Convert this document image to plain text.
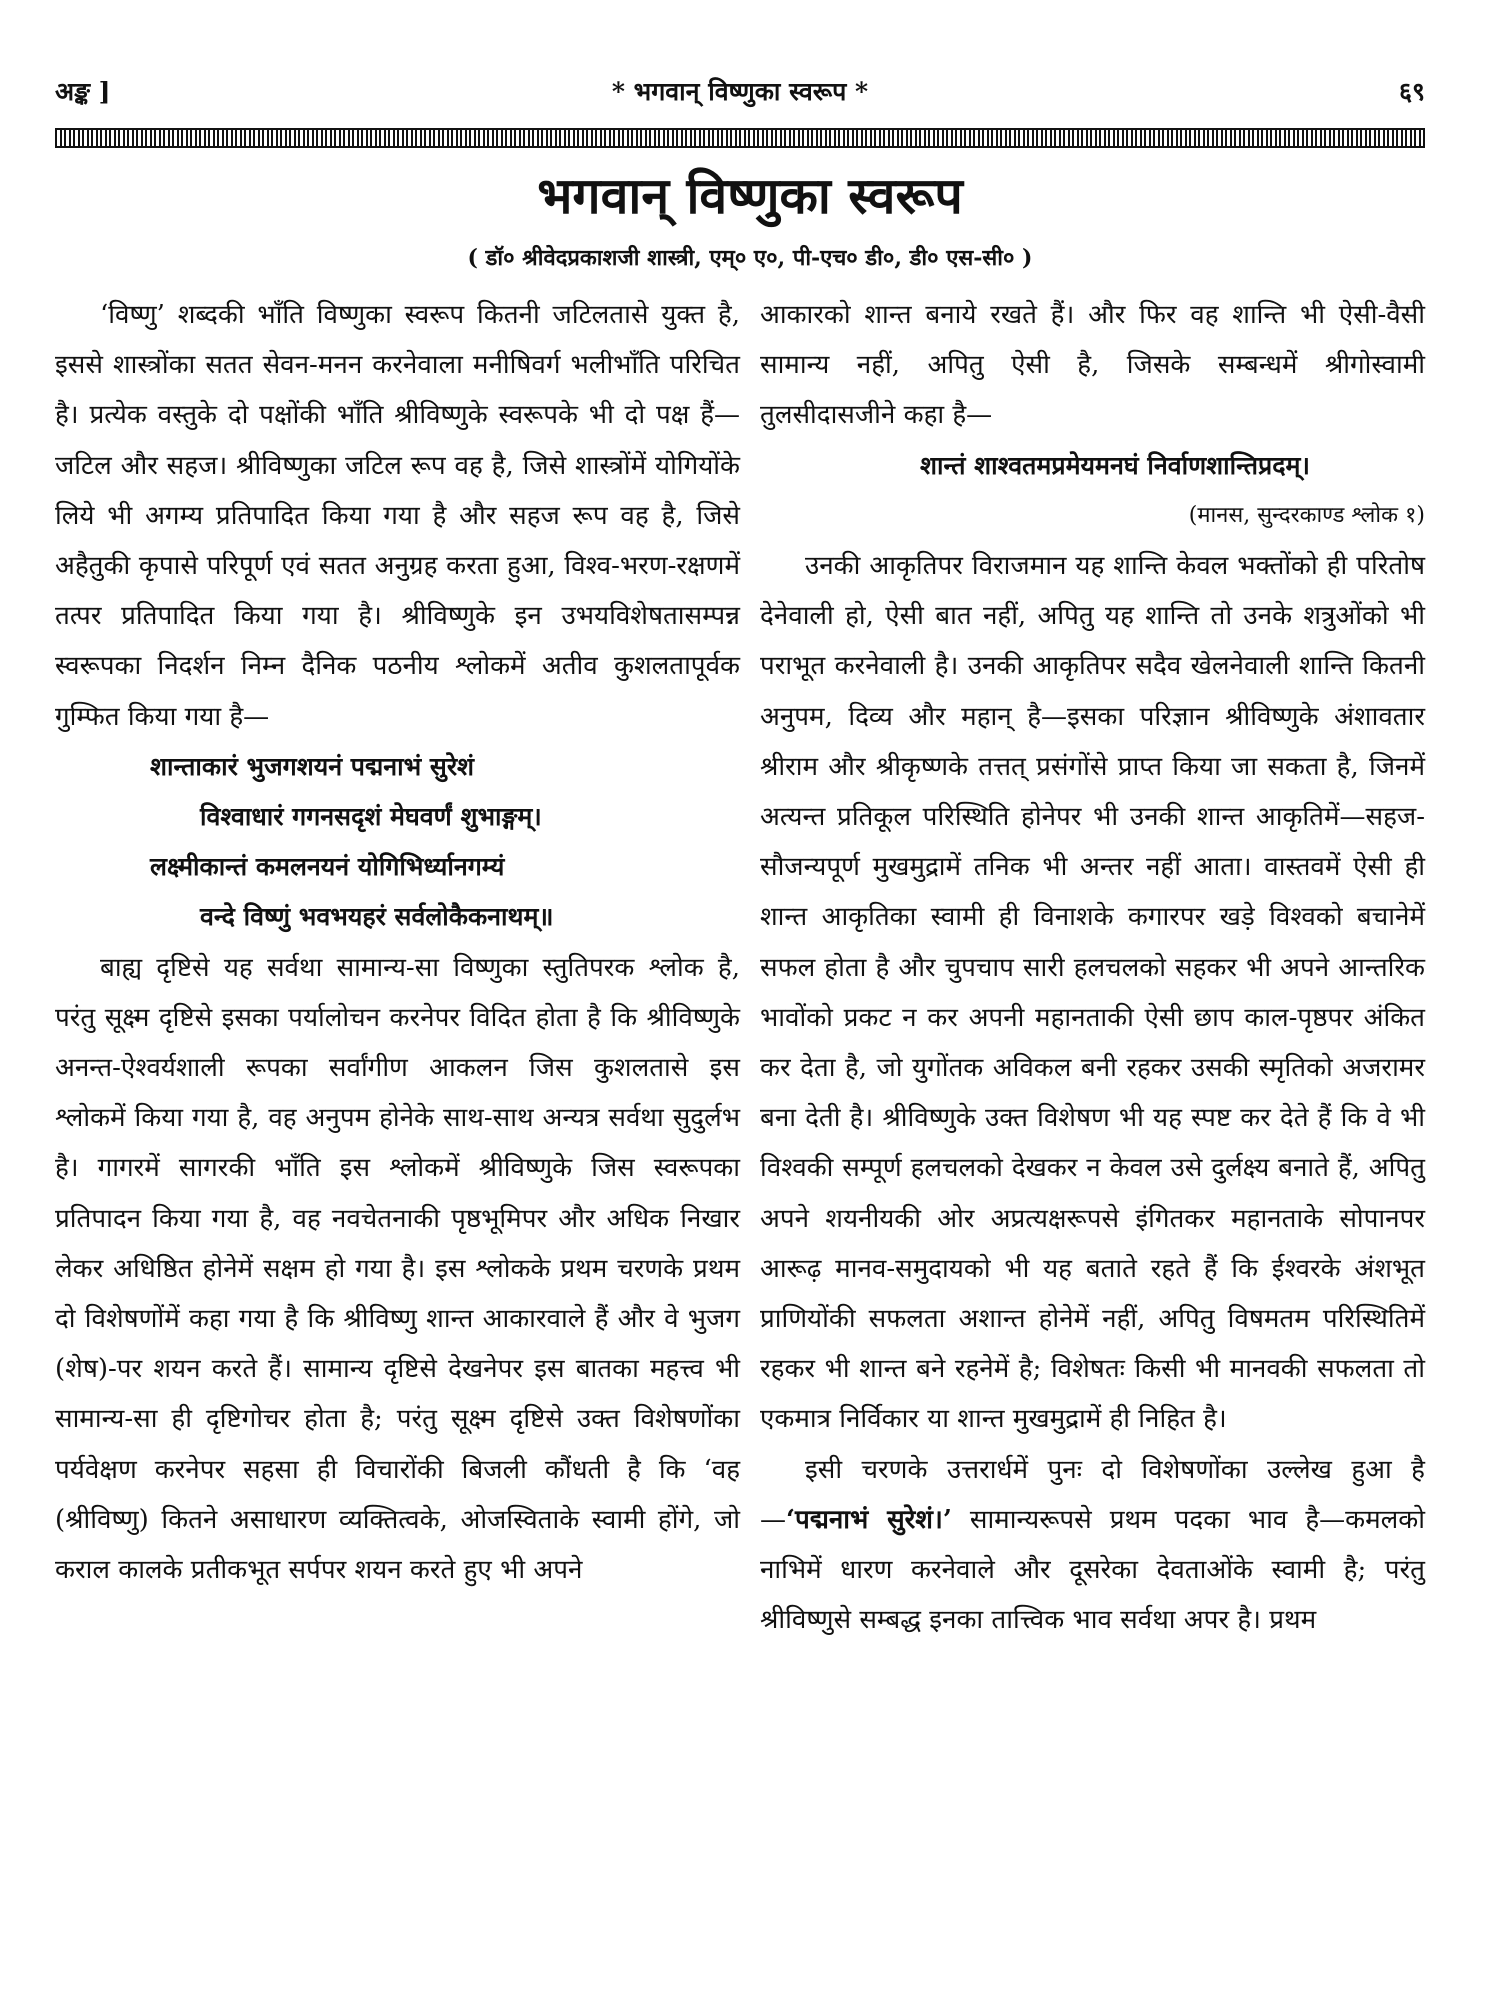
अङ्क ]	* भगवान् विष्णुका स्वरूप *	६९
भगवान् विष्णुका स्वरूप
( डॉ० श्रीवेदप्रकाशजी शास्त्री, एम्० ए०, पी-एच० डी०, डी० एस-सी० )

‘विष्णु’ शब्दकी भाँति विष्णुका स्वरूप कितनी जटिलतासे युक्त है, इससे शास्त्रोंका सतत सेवन-मनन करनेवाला मनीषिवर्ग भलीभाँति परिचित है। प्रत्येक वस्तुके दो पक्षोंकी भाँति श्रीविष्णुके स्वरूपके भी दो पक्ष हैं—जटिल और सहज। श्रीविष्णुका जटिल रूप वह है, जिसे शास्त्रोंमें योगियोंके लिये भी अगम्य प्रतिपादित किया गया है और सहज रूप वह है, जिसे अहैतुकी कृपासे परिपूर्ण एवं सतत अनुग्रह करता हुआ, विश्व-भरण-रक्षणमें तत्पर प्रतिपादित किया गया है। श्रीविष्णुके इन उभयविशेषतासम्पन्न स्वरूपका निदर्शन निम्न दैनिक पठनीय श्लोकमें अतीव कुशलतापूर्वक गुम्फित किया गया है—

शान्ताकारं भुजगशयनं पद्मनाभं सुरेशं

विश्वाधारं गगनसदृशं मेघवर्णं शुभाङ्गम्।

लक्ष्मीकान्तं कमलनयनं योगिभिर्ध्यानगम्यं

वन्दे विष्णुं भवभयहरं सर्वलोकैकनाथम्॥

बाह्य दृष्टिसे यह सर्वथा सामान्य-सा विष्णुका स्तुतिपरक श्लोक है, परंतु सूक्ष्म दृष्टिसे इसका पर्यालोचन करनेपर विदित होता है कि श्रीविष्णुके अनन्त-ऐश्वर्यशाली रूपका सर्वांगीण आकलन जिस कुशलतासे इस श्लोकमें किया गया है, वह अनुपम होनेके साथ-साथ अन्यत्र सर्वथा सुदुर्लभ है। गागरमें सागरकी भाँति इस श्लोकमें श्रीविष्णुके जिस स्वरूपका प्रतिपादन किया गया है, वह नवचेतनाकी पृष्ठभूमिपर और अधिक निखार लेकर अधिष्ठित होनेमें सक्षम हो गया है। इस श्लोकके प्रथम चरणके प्रथम दो विशेषणोंमें कहा गया है कि श्रीविष्णु शान्त आकारवाले हैं और वे भुजग (शेष)-पर शयन करते हैं। सामान्य दृष्टिसे देखनेपर इस बातका महत्त्व भी सामान्य-सा ही दृष्टिगोचर होता है; परंतु सूक्ष्म दृष्टिसे उक्त विशेषणोंका पर्यवेक्षण करनेपर सहसा ही विचारोंकी बिजली कौंधती है कि ‘वह (श्रीविष्णु) कितने असाधारण व्यक्तित्वके, ओजस्विताके स्वामी होंगे, जो कराल कालके प्रतीकभूत सर्पपर शयन करते हुए भी अपने

आकारको शान्त बनाये रखते हैं। और फिर वह शान्ति भी ऐसी-वैसी सामान्य नहीं, अपितु ऐसी है, जिसके सम्बन्धमें श्रीगोस्वामी तुलसीदासजीने कहा है—

शान्तं शाश्वतमप्रमेयमनघं निर्वाणशान्तिप्रदम्।

(मानस, सुन्दरकाण्ड श्लोक १)

उनकी आकृतिपर विराजमान यह शान्ति केवल भक्तोंको ही परितोष देनेवाली हो, ऐसी बात नहीं, अपितु यह शान्ति तो उनके शत्रुओंको भी पराभूत करनेवाली है। उनकी आकृतिपर सदैव खेलनेवाली शान्ति कितनी अनुपम, दिव्य और महान् है—इसका परिज्ञान श्रीविष्णुके अंशावतार श्रीराम और श्रीकृष्णके तत्तत् प्रसंगोंसे प्राप्त किया जा सकता है, जिनमें अत्यन्त प्रतिकूल परिस्थिति होनेपर भी उनकी शान्त आकृतिमें—सहज-सौजन्यपूर्ण मुखमुद्रामें तनिक भी अन्तर नहीं आता। वास्तवमें ऐसी ही शान्त आकृतिका स्वामी ही विनाशके कगारपर खड़े विश्वको बचानेमें सफल होता है और चुपचाप सारी हलचलको सहकर भी अपने आन्तरिक भावोंको प्रकट न कर अपनी महानताकी ऐसी छाप काल-पृष्ठपर अंकित कर देता है, जो युगोंतक अविकल बनी रहकर उसकी स्मृतिको अजरामर बना देती है। श्रीविष्णुके उक्त विशेषण भी यह स्पष्ट कर देते हैं कि वे भी विश्वकी सम्पूर्ण हलचलको देखकर न केवल उसे दुर्लक्ष्य बनाते हैं, अपितु अपने शयनीयकी ओर अप्रत्यक्षरूपसे इंगितकर महानताके सोपानपर आरूढ़ मानव-समुदायको भी यह बताते रहते हैं कि ईश्वरके अंशभूत प्राणियोंकी सफलता अशान्त होनेमें नहीं, अपितु विषमतम परिस्थितिमें रहकर भी शान्त बने रहनेमें है; विशेषतः किसी भी मानवकी सफलता तो एकमात्र निर्विकार या शान्त मुखमुद्रामें ही निहित है।

इसी चरणके उत्तरार्धमें पुनः दो विशेषणोंका उल्लेख हुआ है—‘पद्मनाभं सुरेशं।’ सामान्यरूपसे प्रथम पदका भाव है—कमलको नाभिमें धारण करनेवाले और दूसरेका देवताओंके स्वामी है; परंतु श्रीविष्णुसे सम्बद्ध इनका तात्त्विक भाव सर्वथा अपर है। प्रथम
